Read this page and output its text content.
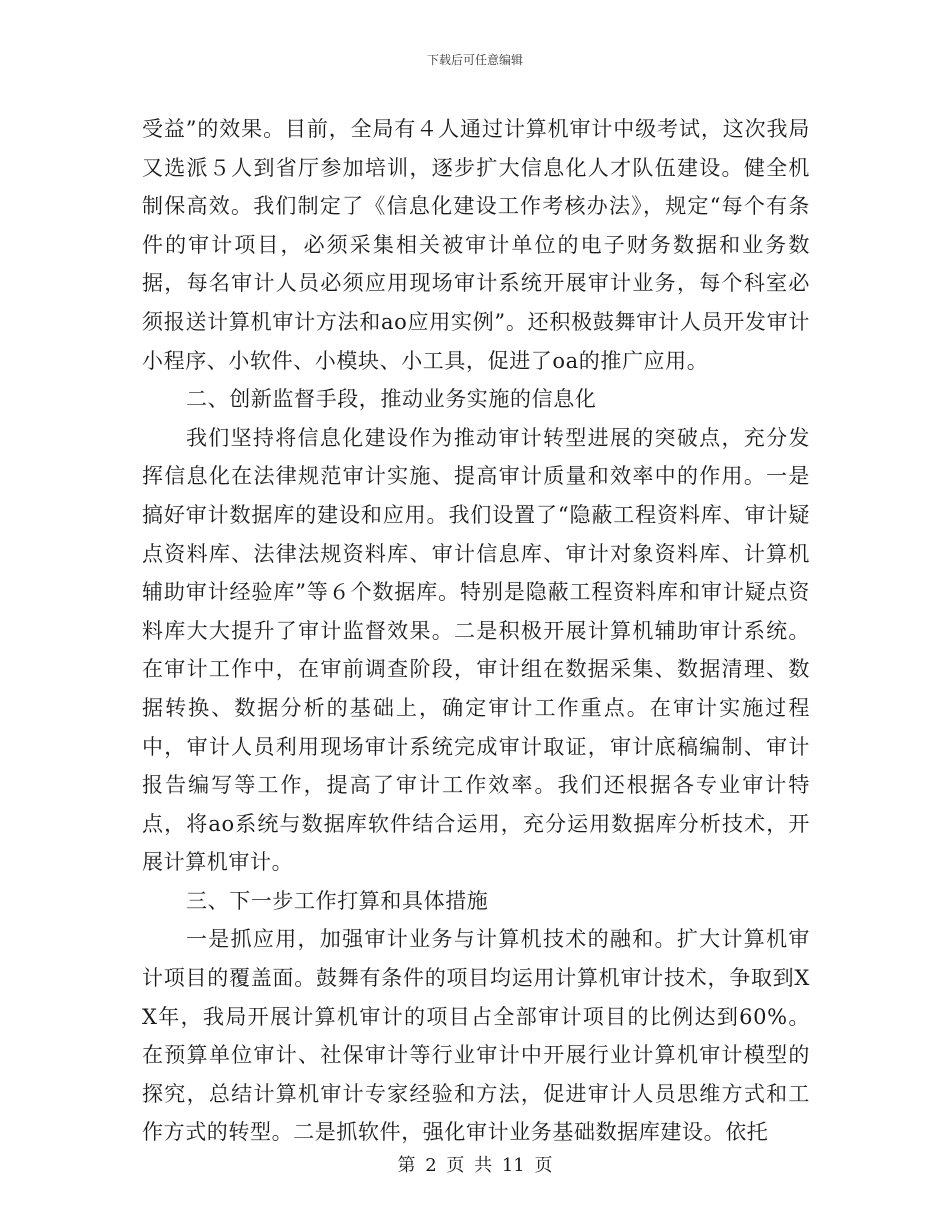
下载后可任意编辑

受益”的效果。目前，全局有４人通过计算机审计中级考试，这次我局又选派５人到省厅参加培训，逐步扩大信息化人才队伍建设。健全机制保高效。我们制定了《信息化建设工作考核办法》，规定“每个有条件的审计项目，必须采集相关被审计单位的电子财务数据和业务数据，每名审计人员必须应用现场审计系统开展审计业务，每个科室必须报送计算机审计方法和ao应用实例”。还积极鼓舞审计人员开发审计小程序、小软件、小模块、小工具，促进了oa的推广应用。

二、创新监督手段，推动业务实施的信息化

我们坚持将信息化建设作为推动审计转型进展的突破点，充分发挥信息化在法律规范审计实施、提高审计质量和效率中的作用。一是搞好审计数据库的建设和应用。我们设置了“隐蔽工程资料库、审计疑点资料库、法律法规资料库、审计信息库、审计对象资料库、计算机辅助审计经验库”等６个数据库。特别是隐蔽工程资料库和审计疑点资料库大大提升了审计监督效果。二是积极开展计算机辅助审计系统。在审计工作中，在审前调查阶段，审计组在数据采集、数据清理、数据转换、数据分析的基础上，确定审计工作重点。在审计实施过程中，审计人员利用现场审计系统完成审计取证，审计底稿编制、审计报告编写等工作，提高了审计工作效率。我们还根据各专业审计特点，将ao系统与数据库软件结合运用，充分运用数据库分析技术，开展计算机审计。

三、下一步工作打算和具体措施

一是抓应用，加强审计业务与计算机技术的融和。扩大计算机审计项目的覆盖面。鼓舞有条件的项目均运用计算机审计技术，争取到XX年，我局开展计算机审计的项目占全部审计项目的比例达到60%。在预算单位审计、社保审计等行业审计中开展行业计算机审计模型的探究，总结计算机审计专家经验和方法，促进审计人员思维方式和工作方式的转型。二是抓软件，强化审计业务基础数据库建设。依托

第 2 页 共 11 页
